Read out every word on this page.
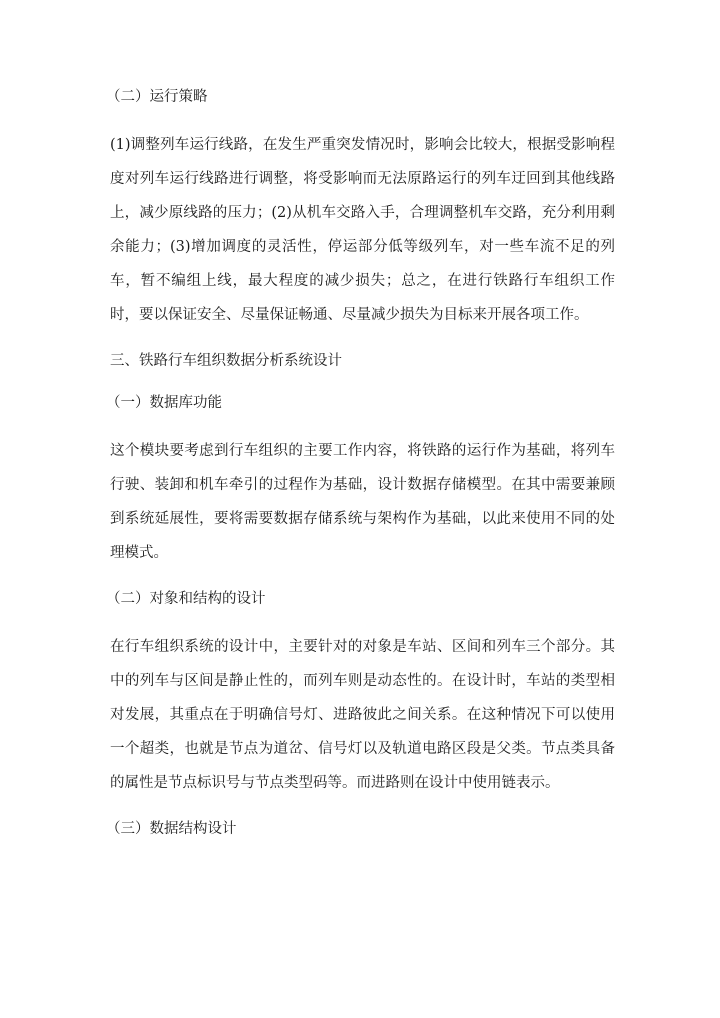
（二）运行策略
(1)调整列车运行线路，在发生严重突发情况时，影响会比较大，根据受影响程
度对列车运行线路进行调整，将受影响而无法原路运行的列车迂回到其他线路
上，减少原线路的压力；(2)从机车交路入手，合理调整机车交路，充分利用剩
余能力；(3)增加调度的灵活性，停运部分低等级列车，对一些车流不足的列
车，暂不编组上线，最大程度的减少损失；总之，在进行铁路行车组织工作
时，要以保证安全、尽量保证畅通、尽量减少损失为目标来开展各项工作。
三、铁路行车组织数据分析系统设计
（一）数据库功能
这个模块要考虑到行车组织的主要工作内容，将铁路的运行作为基础，将列车
行驶、装卸和机车牵引的过程作为基础，设计数据存储模型。在其中需要兼顾
到系统延展性，要将需要数据存储系统与架构作为基础，以此来使用不同的处
理模式。
（二）对象和结构的设计
在行车组织系统的设计中，主要针对的对象是车站、区间和列车三个部分。其
中的列车与区间是静止性的，而列车则是动态性的。在设计时，车站的类型相
对发展，其重点在于明确信号灯、进路彼此之间关系。在这种情况下可以使用
一个超类，也就是节点为道岔、信号灯以及轨道电路区段是父类。节点类具备
的属性是节点标识号与节点类型码等。而进路则在设计中使用链表示。
（三）数据结构设计
